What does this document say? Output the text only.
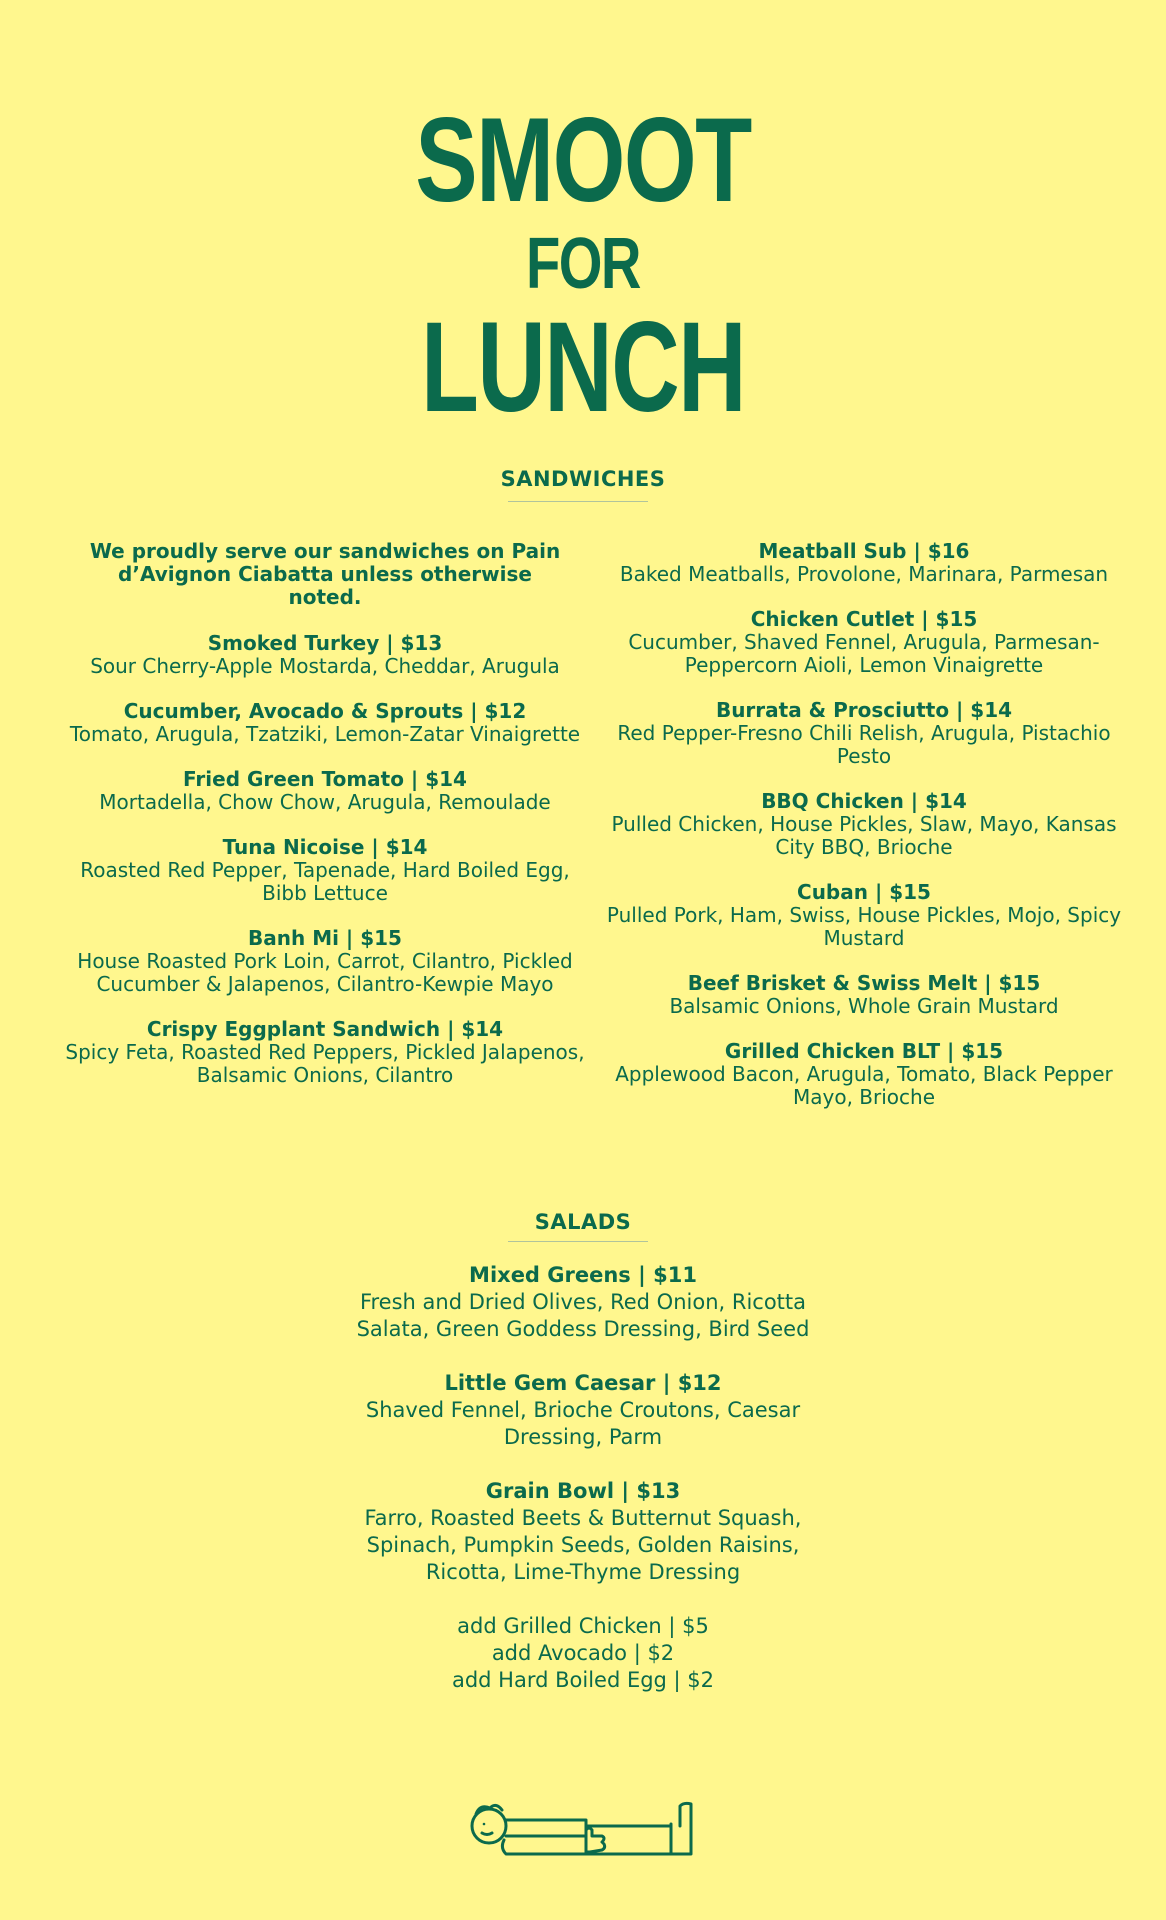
SMOOT
FOR
LUNCH
SANDWICHES
We proudly serve our sandwiches on Pain d’Avignon Ciabatta unless otherwise noted.
Smoked Turkey | $13
Sour Cherry-Apple Mostarda, Cheddar, Arugula
Cucumber, Avocado & Sprouts | $12
Tomato, Arugula, Tzatziki, Lemon-Zatar Vinaigrette
Fried Green Tomato | $14
Mortadella, Chow Chow, Arugula, Remoulade
Tuna Nicoise | $14
Roasted Red Pepper, Tapenade, Hard Boiled Egg, Bibb Lettuce
Banh Mi | $15
House Roasted Pork Loin, Carrot, Cilantro, Pickled Cucumber & Jalapenos, Cilantro-Kewpie Mayo
Crispy Eggplant Sandwich | $14
Spicy Feta, Roasted Red Peppers, Pickled Jalapenos, Balsamic Onions, Cilantro
Meatball Sub | $16
Baked Meatballs, Provolone, Marinara, Parmesan
Chicken Cutlet | $15
Cucumber, Shaved Fennel, Arugula, Parmesan-Peppercorn Aioli, Lemon Vinaigrette
Burrata & Prosciutto | $14
Red Pepper-Fresno Chili Relish, Arugula, Pistachio Pesto
BBQ Chicken | $14
Pulled Chicken, House Pickles, Slaw, Mayo, Kansas City BBQ, Brioche
Cuban | $15
Pulled Pork, Ham, Swiss, House Pickles, Mojo, Spicy Mustard
Beef Brisket & Swiss Melt | $15
Balsamic Onions, Whole Grain Mustard
Grilled Chicken BLT | $15
Applewood Bacon, Arugula, Tomato, Black Pepper Mayo, Brioche
SALADS
Mixed Greens | $11
Fresh and Dried Olives, Red Onion, Ricotta Salata, Green Goddess Dressing, Bird Seed
Little Gem Caesar | $12
Shaved Fennel, Brioche Croutons, Caesar Dressing, Parm
Grain Bowl | $13
Farro, Roasted Beets & Butternut Squash, Spinach, Pumpkin Seeds, Golden Raisins, Ricotta, Lime-Thyme Dressing
add Grilled Chicken | $5
add Avocado | $2
add Hard Boiled Egg | $2
